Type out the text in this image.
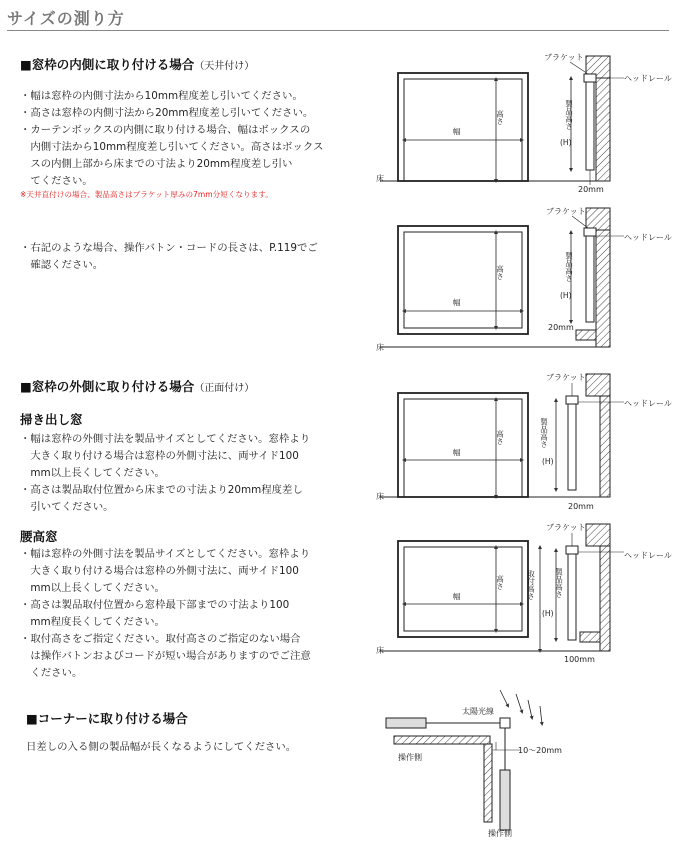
サイズの測り方
■窓枠の内側に取り付ける場合（天井付け）
・幅は窓枠の内側寸法から10mm程度差し引いてください。
・高さは窓枠の内側寸法から20mm程度差し引いてください。
・カーテンボックスの内側に取り付ける場合、幅はボックスの
　内側寸法から10mm程度差し引いてください。高さはボックス
　スの内側上部から床までの寸法より20mm程度差し引い
　てください。
※天井直付けの場合、製品高さはブラケット厚みの7mm分短くなります。
・右記のような場合、操作バトン・コードの長さは、P.119でご
　確認ください。
■窓枠の外側に取り付ける場合（正面付け）
掃き出し窓
・幅は窓枠の外側寸法を製品サイズとしてください。窓枠より
　大きく取り付ける場合は窓枠の外側寸法に、両サイド100
　mm以上長くしてください。
・高さは製品取付位置から床までの寸法より20mm程度差し
　引いてください。
腰高窓
・幅は窓枠の外側寸法を製品サイズとしてください。窓枠より
　大きく取り付ける場合は窓枠の外側寸法に、両サイド100
　mm以上長くしてください。
・高さは製品取付位置から窓枠最下部までの寸法より100
　mm程度長くしてください。
・取付高さをご指定ください。取付高さのご指定のない場合
　は操作バトンおよびコードが短い場合がありますのでご注意
　ください。
■コーナーに取り付ける場合
日差しの入る側の製品幅が長くなるようにしてください。
幅
高さ
床
製品高さ
(H)
20mm
ブラケット
ヘッドレール
幅
高さ
床
製品高さ
(H)
20mm
ブラケット
ヘッドレール
幅
高さ
床
製品高さ
(H)
20mm
ブラケット
ヘッドレール
幅
高さ
床
取付高さ	製品高さ
(H)
100mm
ブラケット
ヘッドレール
10〜20mm
操作側
操作側
太陽光線
